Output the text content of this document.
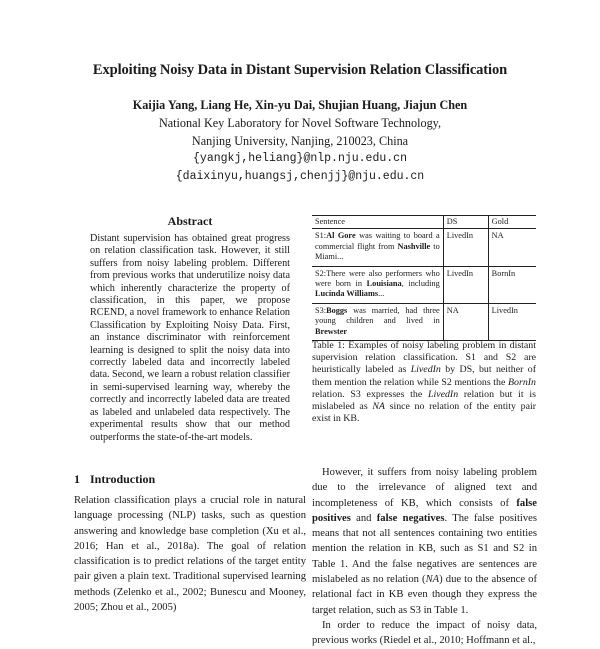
Exploiting Noisy Data in Distant Supervision Relation Classification
Kaijia Yang, Liang He, Xin-yu Dai, Shujian Huang, Jiajun Chen
National Key Laboratory for Novel Software Technology,
Nanjing University, Nanjing, 210023, China
{yangkj,heliang}@nlp.nju.edu.cn
{daixinyu,huangsj,chenjj}@nju.edu.cn
Abstract
Distant supervision has obtained great progress on relation classification task. However, it still suffers from noisy labeling problem. Different from previous works that underutilize noisy data which inherently characterize the property of classification, in this paper, we propose RCEND, a novel framework to enhance Relation Classification by Exploiting Noisy Data. First, an instance discriminator with reinforcement learning is designed to split the noisy data into correctly labeled data and incorrectly labeled data. Second, we learn a robust relation classifier in semi-supervised learning way, whereby the correctly and incorrectly labeled data are treated as labeled and unlabeled data respectively. The experimental results show that our method outperforms the state-of-the-art models.
1 Introduction
Relation classification plays a crucial role in natural language processing (NLP) tasks, such as question answering and knowledge base completion (Xu et al., 2016; Han et al., 2018a). The goal of relation classification is to predict relations of the target entity pair given a plain text. Traditional supervised learning methods (Zelenko et al., 2002; Bunescu and Mooney, 2005; Zhou et al., 2005)
Sentence	DS	Gold
S1:Al Gore was waiting to board a commercial flight from Nashville to Miami...	LivedIn	NA
S2:There were also performers who were born in Louisiana, including Lucinda Williams...	LivedIn	BornIn
S3:Boggs was married, had three young children and lived in Brewster	NA	LivedIn
Table 1: Examples of noisy labeling problem in distant supervision relation classification. S1 and S2 are heuristically labeled as LivedIn by DS, but neither of them mention the relation while S2 mentions the BornIn relation. S3 expresses the LivedIn relation but it is mislabeled as NA since no relation of the entity pair exist in KB.

However, it suffers from noisy labeling problem due to the irrelevance of aligned text and incompleteness of KB, which consists of false positives and false negatives. The false positives means that not all sentences containing two entities mention the relation in KB, such as S1 and S2 in Table 1. And the false negatives are sentences are mislabeled as no relation (NA) due to the absence of relational fact in KB even though they express the target relation, such as S3 in Table 1.

In order to reduce the impact of noisy data, previous works (Riedel et al., 2010; Hoffmann et al.,
